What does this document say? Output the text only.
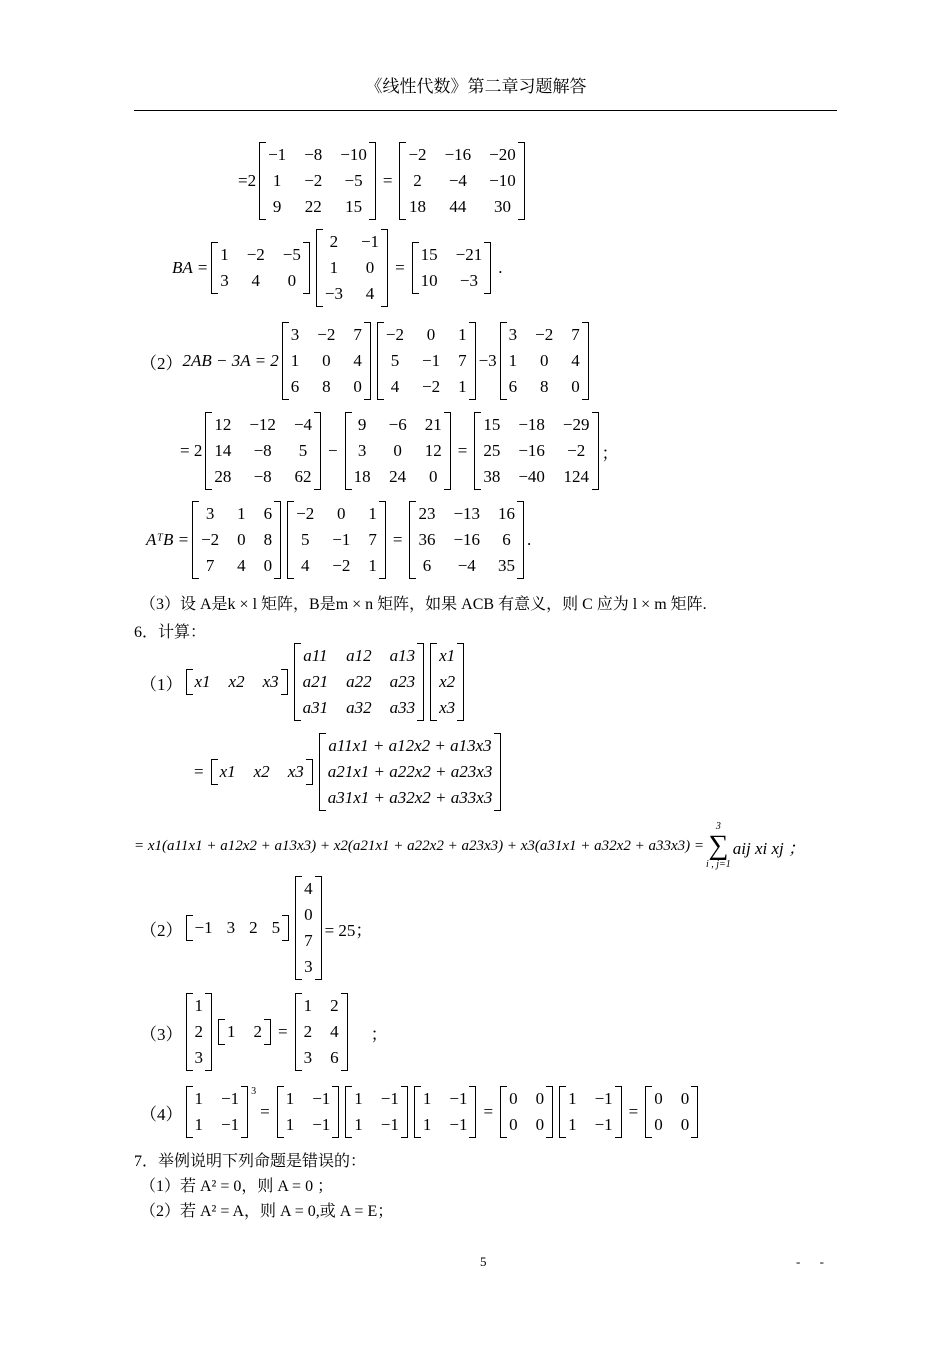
《线性代数》第二章习题解答
=2
−1 −8 −10
1 −2 −5
9 22 15
=
−2 −16 −20
2 −4 −10
18 44 30
BA =
1 −2 −5
3 4 0
2 −1
1 0
−3 4
=
15 −21
10 −3
.
（2） 2AB − 3A = 2
3 −2 7
1 0 4
6 8 0
−2 0 1
5 −1 7
4 −2 1
−3
3 −2 7
1 0 4
6 8 0
= 2
12 −12 −4
14 −8 5
28 −8 62
−
9 −6 21
3 0 12
18 24 0
=
15 −18 −29
25 −16 −2
38 −40 124
；
AᵀB =
3 1 6
−2 0 8
7 4 0
−2 0 1
5 −1 7
4 −2 1
=
23 −13 16
36 −16 6
6 −4 35
.
（3）设 A是k × l 矩阵，B是m × n 矩阵，如果 ACB 有意义，则 C 应为 l × m 矩阵.
6．计算：
（1） x1 x2 x3
a11 a12 a13
a21 a22 a23
a31 a32 a33
x1
x2
x3
= x1 x2 x3
a11x1 + a12x2 + a13x3
a21x1 + a22x2 + a23x3
a31x1 + a32x2 + a33x3
= x1(a11x1 + a12x2 + a13x3) + x2(a21x1 + a22x2 + a23x3) + x3(a31x1 + a32x2 + a33x3) =
3
∑
i , j=1
aij xi xj ；
（2） −1 3 2 5
4
0
7
3
= 25；
（3）
1
2
3
1 2 =
1 2
2 4
3 6
；
（4）
1 −1
1 −1
$^3$
=
1 −1
1 −1
1 −1
1 −1
1 −1
1 −1
=
0 0
0 0
1 −1
1 −1
=
0 0
0 0
7．举例说明下列命题是错误的：
（1）若 A² = 0，则 A = 0 ；
（2）若 A² = A，则 A = 0,或 A = E；
5	- -
